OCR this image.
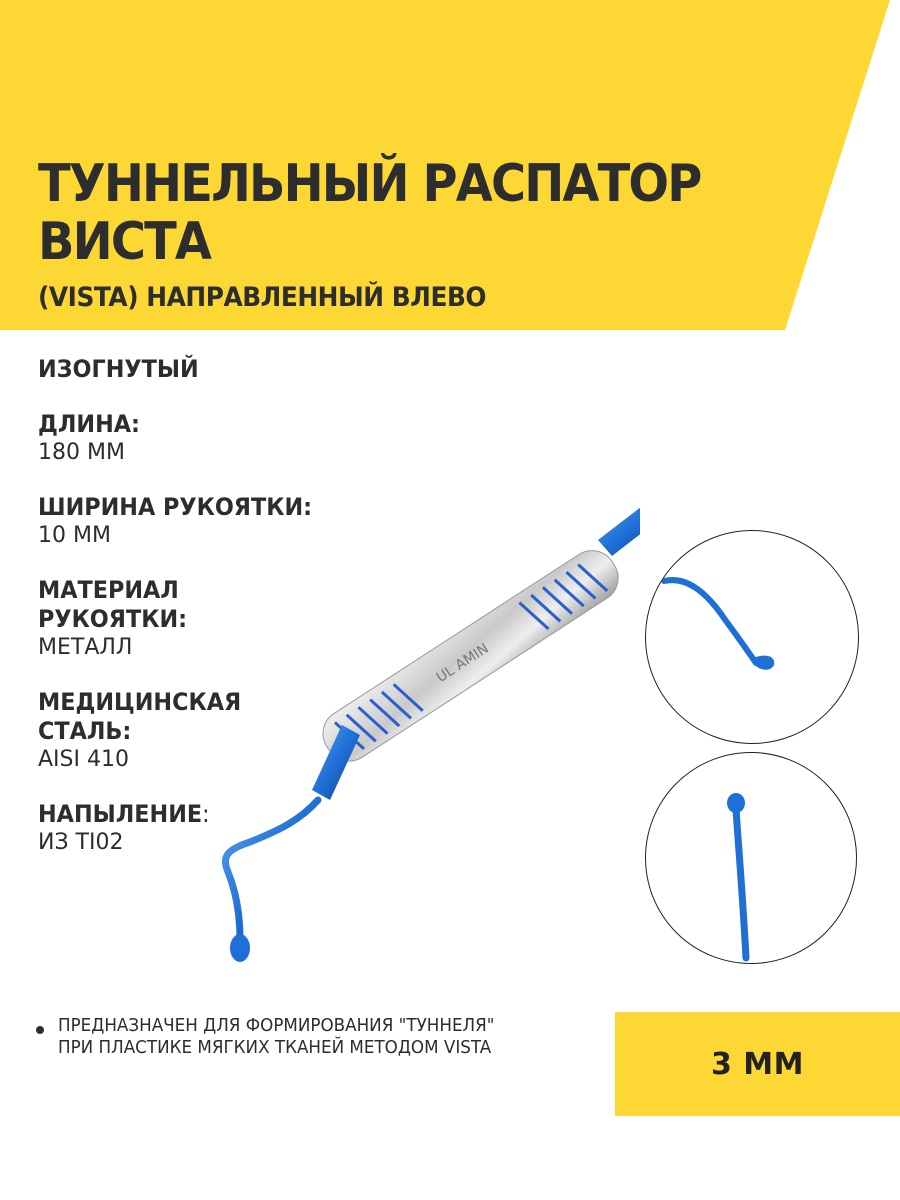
ТУННЕЛЬНЫЙ РАСПАТОР
ВИСТА
(VISTA) НАПРАВЛЕННЫЙ ВЛЕВО
ИЗОГНУТЫЙ
ДЛИНА:
180 ММ
ШИРИНА РУКОЯТКИ:
10 ММ
МАТЕРИАЛ
РУКОЯТКИ:
МЕТАЛЛ
МЕДИЦИНСКАЯ
СТАЛЬ:
AISI 410
НАПЫЛЕНИЕ:
ИЗ TI02
UL AMIN
ПРЕДНАЗНАЧЕН ДЛЯ ФОРМИРОВАНИЯ "ТУННЕЛЯ" ПРИ ПЛАСТИКЕ МЯГКИХ ТКАНЕЙ МЕТОДОМ VISTA	3 ММ
